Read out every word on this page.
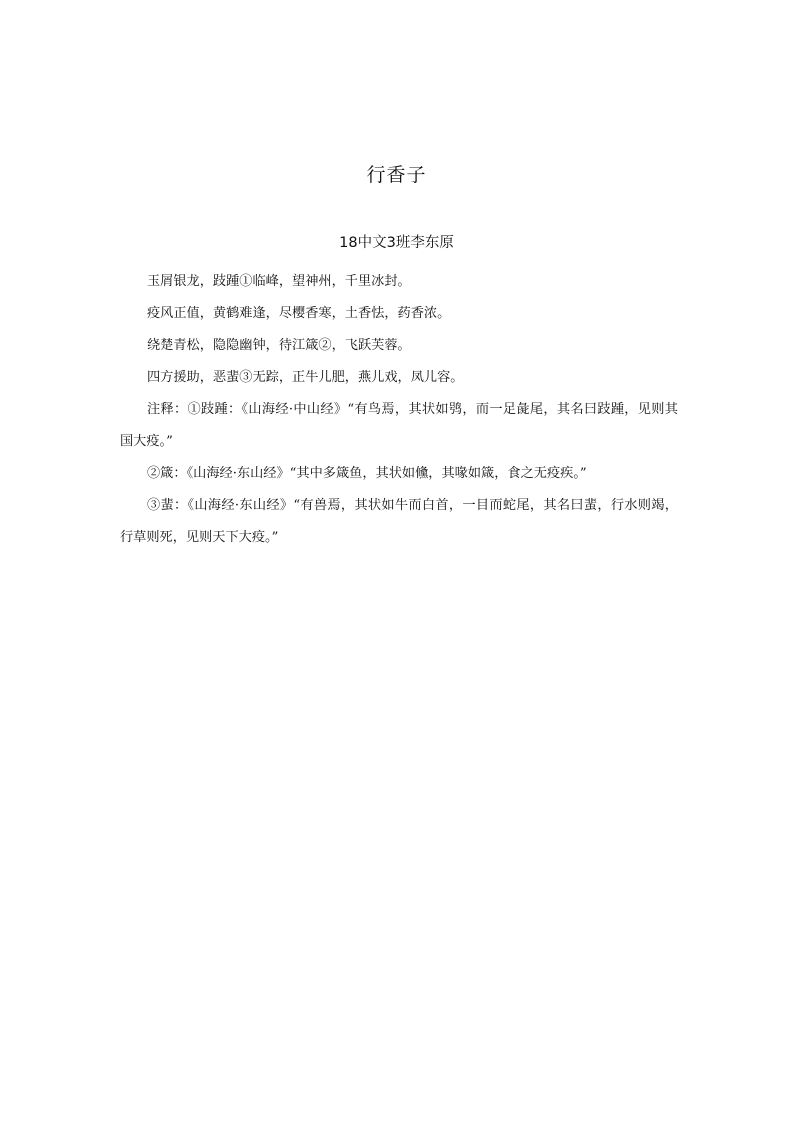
行香子
18中文3班李东原

玉屑银龙，跂踵①临峰，望神州，千里冰封。

疫风正值，黄鹤难逢，尽樱香寒，土香怯，药香浓。

绕楚青松，隐隐幽钟，待江箴②，飞跃芙蓉。

四方援助，恶蜚③无踪，正牛儿肥，燕儿戏，凤儿容。

注释：①跂踵：《山海经·中山经》“有鸟焉，其状如鸮，而一足彘尾，其名曰跂踵，见则其国大疫。”

②箴：《山海经·东山经》“其中多箴鱼，其状如儵，其喙如箴，食之无疫疾。”

③蜚：《山海经·东山经》“有兽焉，其状如牛而白首，一目而蛇尾，其名曰蜚，行水则竭，行草则死，见则天下大疫。”
